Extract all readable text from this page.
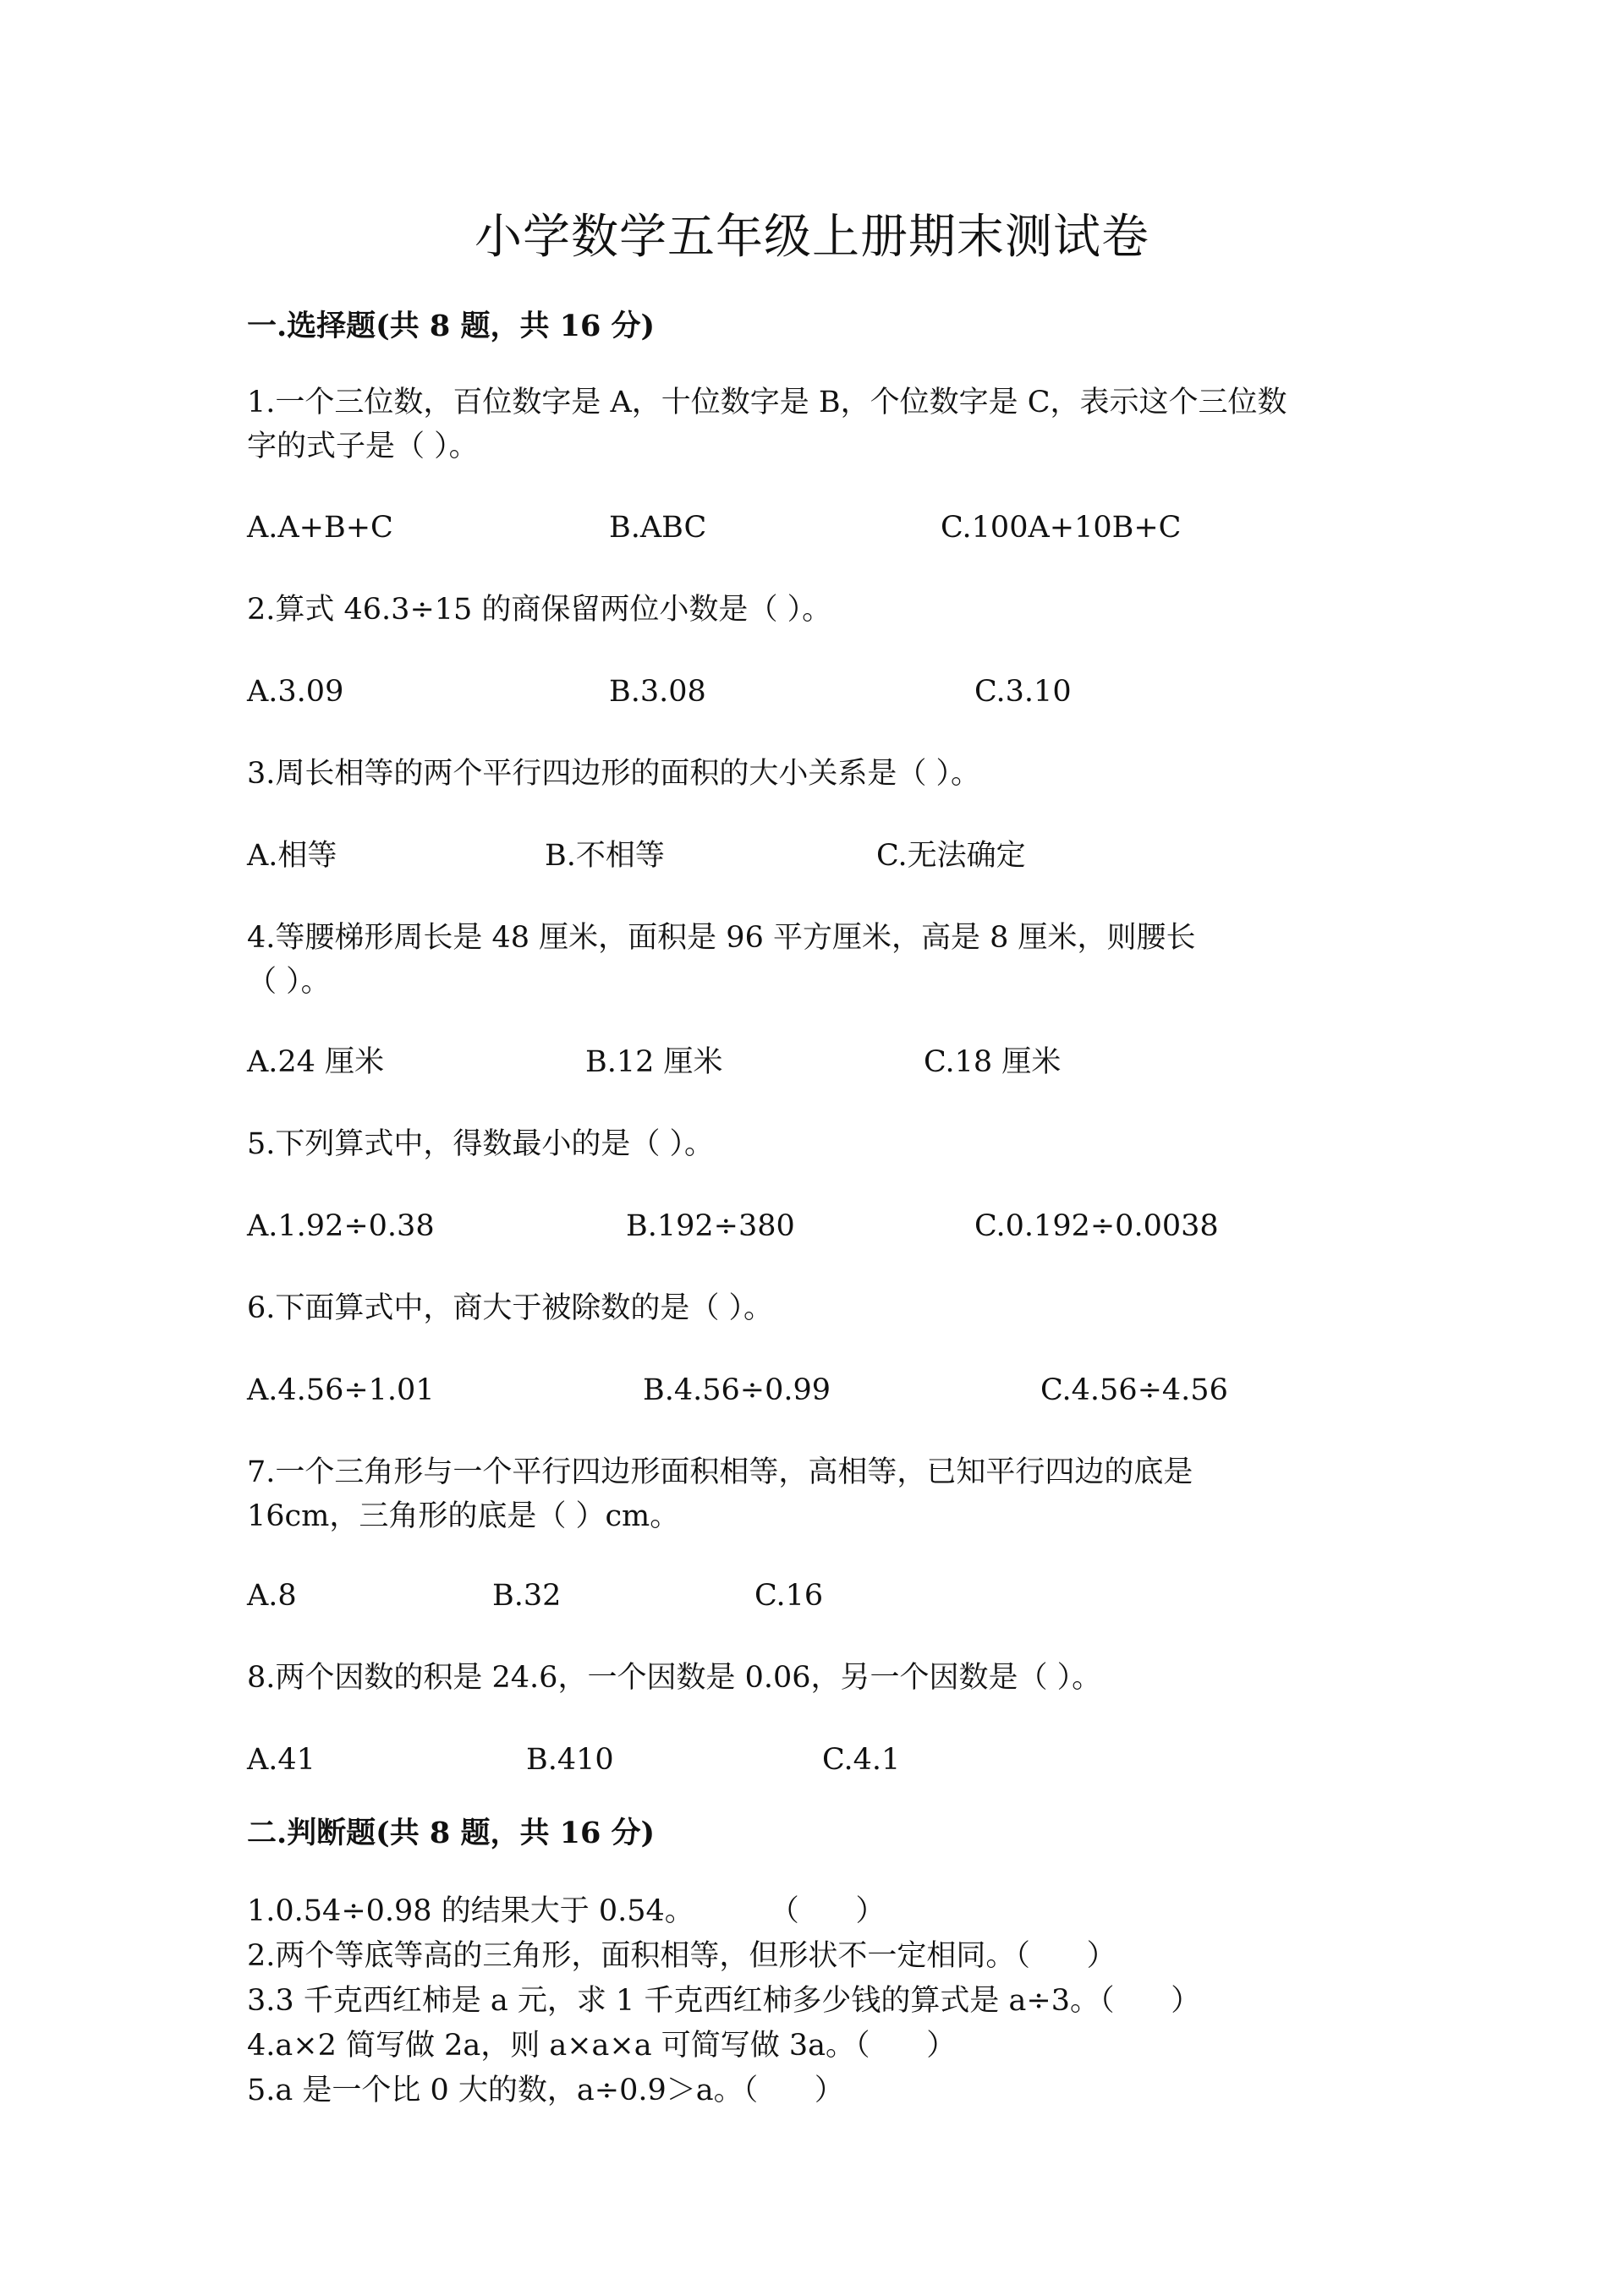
小学数学五年级上册期末测试卷
一.选择题(共 8 题，共 16 分)
1.一个三位数，百位数字是 A，十位数字是 B，个位数字是 C，表示这个三位数
字的式子是（ ）。
A.A+B+C	B.ABC	C.100A+10B+C
2.算式 46.3÷15 的商保留两位小数是（ ）。
A.3.09	B.3.08	C.3.10
3.周长相等的两个平行四边形的面积的大小关系是（ ）。
A.相等	B.不相等	C.无法确定
4.等腰梯形周长是 48 厘米，面积是 96 平方厘米，高是 8 厘米，则腰长
（ ）。
A.24 厘米	B.12 厘米	C.18 厘米
5.下列算式中，得数最小的是（ ）。
A.1.92÷0.38	B.192÷380	C.0.192÷0.0038
6.下面算式中，商大于被除数的是（ ）。
A.4.56÷1.01	B.4.56÷0.99	C.4.56÷4.56
7.一个三角形与一个平行四边形面积相等，高相等，已知平行四边的底是
16cm，三角形的底是（ ）cm。
A.8	B.32	C.16
8.两个因数的积是 24.6，一个因数是 0.06，另一个因数是（ ）。
A.41	B.410	C.4.1
二.判断题(共 8 题，共 16 分)

1.0.54÷0.98 的结果大于 0.54。        （      ）

2.两个等底等高的三角形，面积相等，但形状不一定相同。（      ）

3.3 千克西红柿是 a 元，求 1 千克西红柿多少钱的算式是 a÷3。（      ）

4.a×2 简写做 2a，则 a×a×a 可简写做 3a。（      ）

5.a 是一个比 0 大的数，a÷0.9＞a。（      ）
